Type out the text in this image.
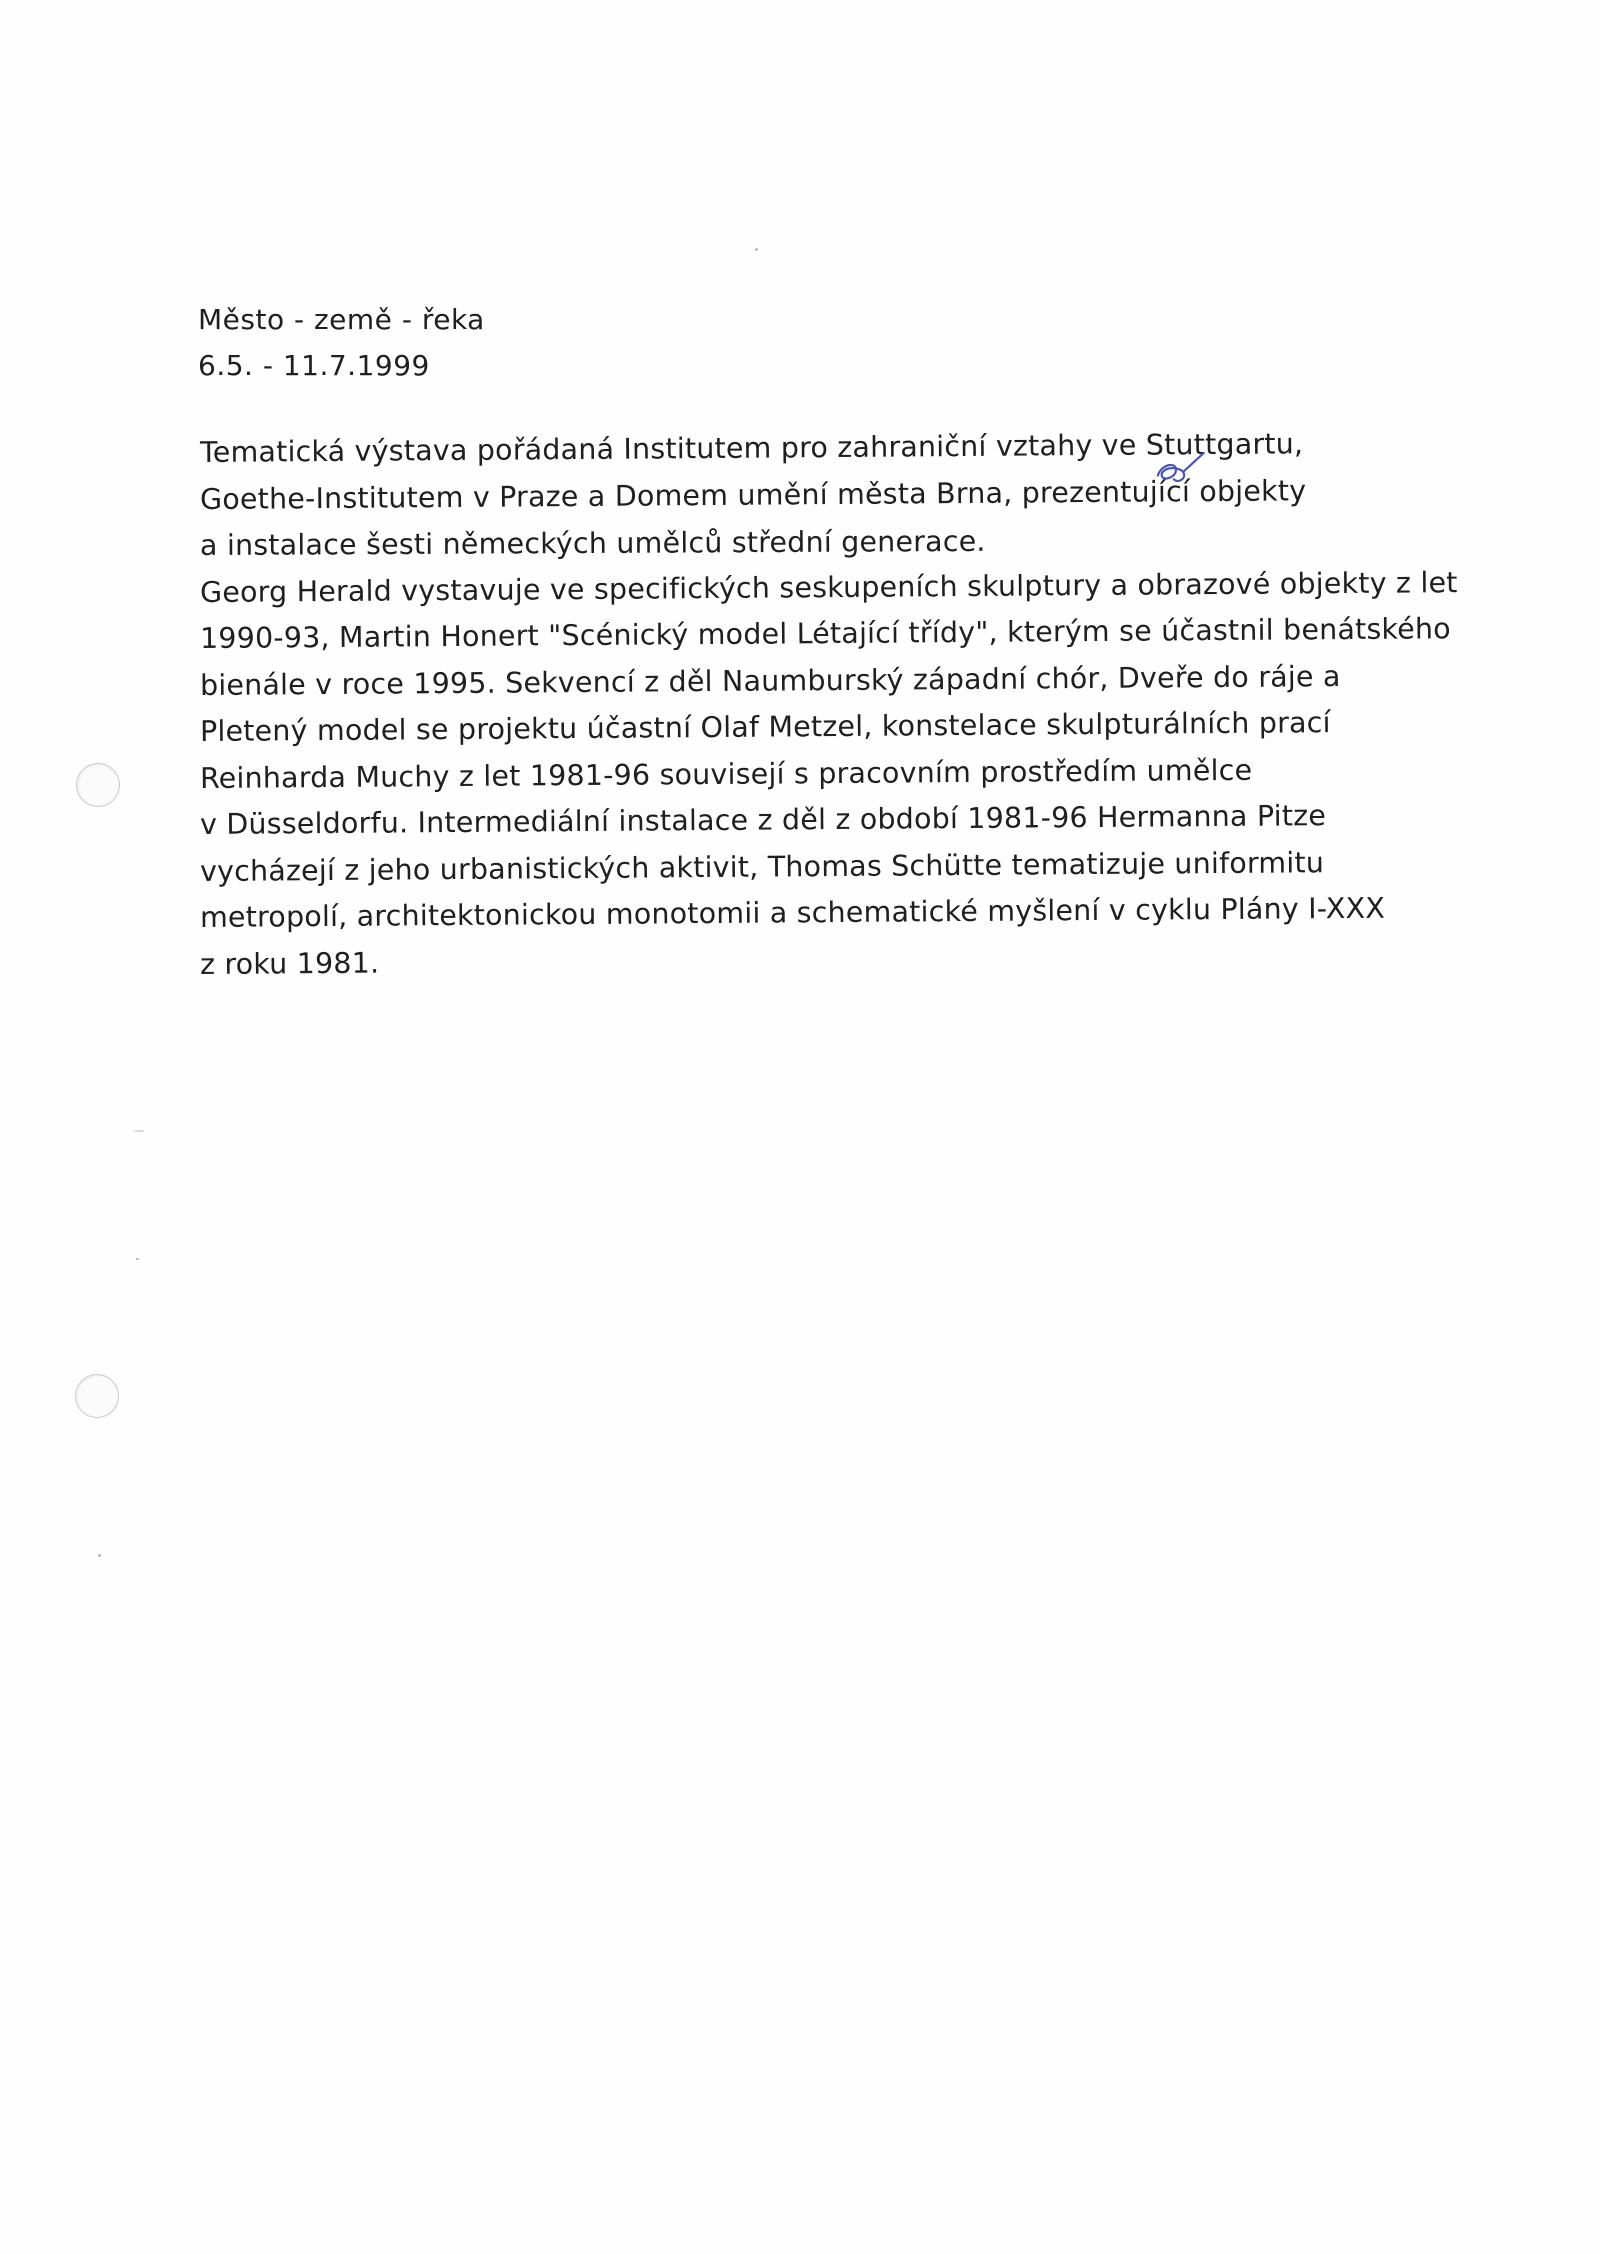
Město - země - řeka
6.5. - 11.7.1999
Tematická výstava pořádaná Institutem pro zahraniční vztahy ve Stuttgartu,
Goethe-Institutem v Praze a Domem umění města Brna, prezentující
objekty
a instalace šesti německých umělců střední generace.
Georg Herald vystavuje ve specifických seskupeních skulptury a obrazové objekty z let
1990-93, Martin Honert "Scénický model Létající třídy", kterým se účastnil benátského
bienále v roce 1995. Sekvencí z děl Naumburský západní chór, Dveře do ráje a
Pletený model se projektu účastní Olaf Metzel, konstelace skulpturálních prací
Reinharda Muchy z let 1981-96 souvisejí s pracovním prostředím umělce
v Düsseldorfu. Intermediální instalace z děl z období 1981-96 Hermanna Pitze
vycházejí z jeho urbanistických aktivit, Thomas Schütte tematizuje uniformitu
metropolí, architektonickou monotomii a schematické myšlení v cyklu Plány I-XXX
z roku 1981.
